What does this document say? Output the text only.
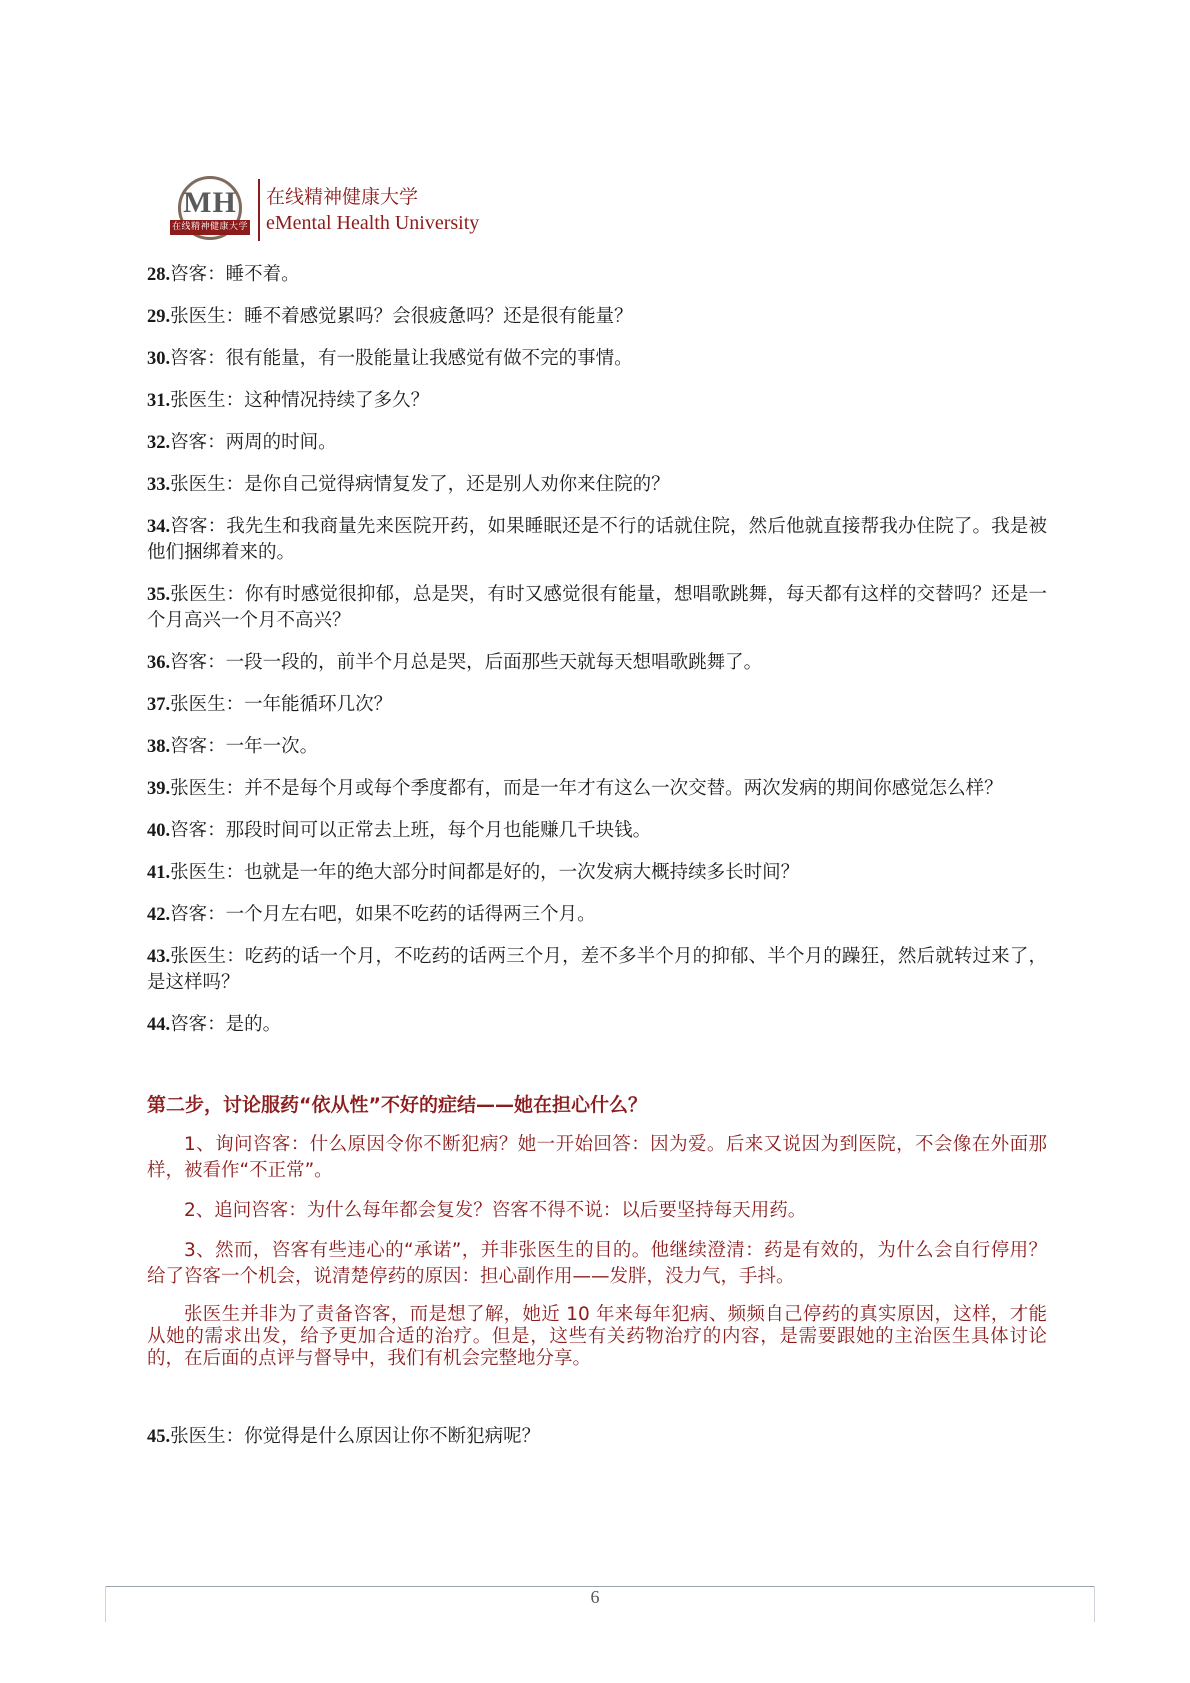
MH
在线精神健康大学
在线精神健康大学
eMental Health University

28.咨客：睡不着。

29.张医生：睡不着感觉累吗？会很疲惫吗？还是很有能量？

30.咨客：很有能量，有一股能量让我感觉有做不完的事情。

31.张医生：这种情况持续了多久？

32.咨客：两周的时间。

33.张医生：是你自己觉得病情复发了，还是别人劝你来住院的？

34.咨客：我先生和我商量先来医院开药，如果睡眠还是不行的话就住院，然后他就直接帮我办住院了。我是被他们捆绑着来的。

35.张医生：你有时感觉很抑郁，总是哭，有时又感觉很有能量，想唱歌跳舞，每天都有这样的交替吗？还是一个月高兴一个月不高兴？

36.咨客：一段一段的，前半个月总是哭，后面那些天就每天想唱歌跳舞了。

37.张医生：一年能循环几次？

38.咨客：一年一次。

39.张医生：并不是每个月或每个季度都有，而是一年才有这么一次交替。两次发病的期间你感觉怎么样？

40.咨客：那段时间可以正常去上班，每个月也能赚几千块钱。

41.张医生：也就是一年的绝大部分时间都是好的，一次发病大概持续多长时间？

42.咨客：一个月左右吧，如果不吃药的话得两三个月。

43.张医生：吃药的话一个月，不吃药的话两三个月，差不多半个月的抑郁、半个月的躁狂，然后就转过来了，是这样吗？

44.咨客：是的。

第二步，讨论服药“依从性”不好的症结——她在担心什么？

1、询问咨客：什么原因令你不断犯病？她一开始回答：因为爱。后来又说因为到医院，不会像在外面那样，被看作“不正常”。

2、追问咨客：为什么每年都会复发？咨客不得不说：以后要坚持每天用药。

3、然而，咨客有些违心的“承诺”，并非张医生的目的。他继续澄清：药是有效的，为什么会自行停用？给了咨客一个机会，说清楚停药的原因：担心副作用——发胖，没力气，手抖。

张医生并非为了责备咨客，而是想了解，她近 10 年来每年犯病、频频自己停药的真实原因，这样，才能从她的需求出发，给予更加合适的治疗。但是，这些有关药物治疗的内容，是需要跟她的主治医生具体讨论的，在后面的点评与督导中，我们有机会完整地分享。

45.张医生：你觉得是什么原因让你不断犯病呢？

6
